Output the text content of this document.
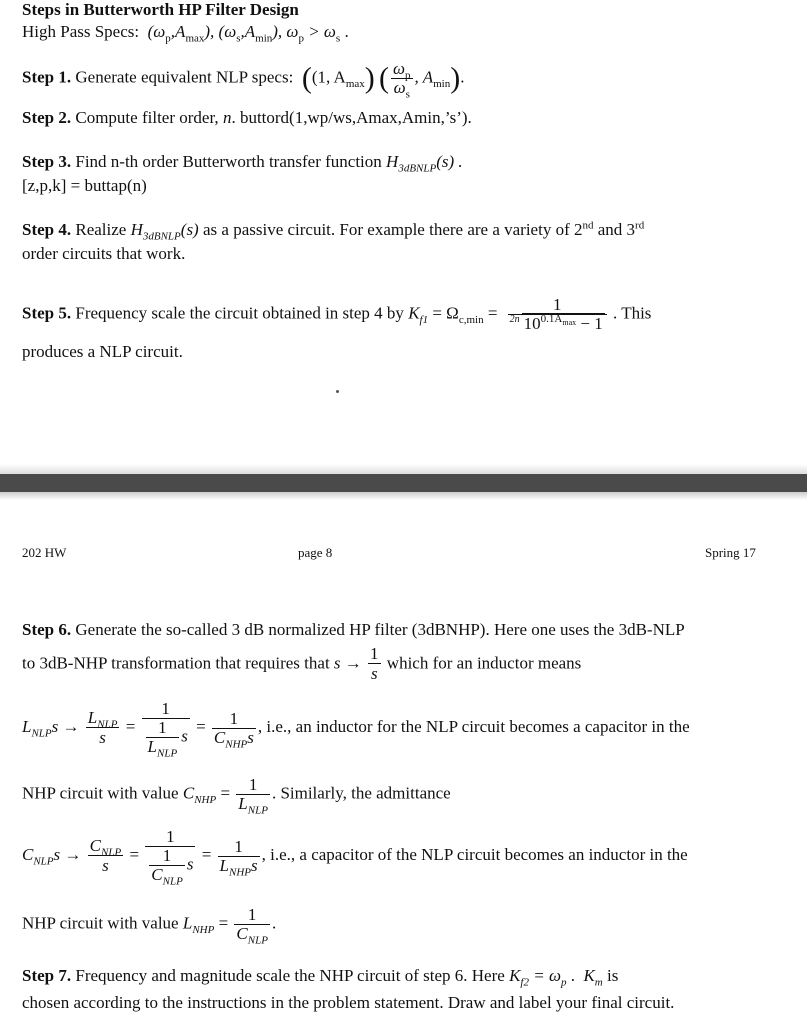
Steps in Butterworth HP Filter Design
High Pass Specs: $(\omega_p,A_{max})$, $(\omega_s,A_{min})$, $\omega_p > \omega_s$ .
Step 1. Generate equivalent NLP specs: ((1, $A_{max}$) ( $\frac{\omega_p}{\omega_s}$ , $A_{min}$).
Step 2. Compute filter order, n. buttord(1,wp/ws,Amax,Amin,’s’).
Step 3. Find n-th order Butterworth transfer function $H_{3dBNLP}(s)$ .
[z,p,k] = buttap(n)
Step 4. Realize $H_{3dBNLP}(s)$ as a passive circuit. For example there are a variety of 2nd and 3rd
order circuits that work.
Step 5. Frequency scale the circuit obtained in step 4 by $K_{f1} = \Omega_{c,min} = \frac{1}{2n 10^{0.1A_{max}} - 1}$ . This
produces a NLP circuit.
202 HW	page 8	Spring 17
Step 6. Generate the so-called 3 dB normalized HP filter (3dBNHP). Here one uses the 3dB-NLP
to 3dB-NHP transformation that requires that $s \to \frac{1}{s}$ which for an inductor means
$L_{NLP}s \to \frac{L_{NLP}}{s} = \frac{1}{\frac{1}{L_{NLP}} s} = \frac{1}{C_{NHP}s}$ , i.e., an inductor for the NLP circuit becomes a capacitor in the
NHP circuit with value $C_{NHP} = \frac{1}{L_{NLP}}$ . Similarly, the admittance
$C_{NLP}s \to \frac{C_{NLP}}{s} = \frac{1}{\frac{1}{C_{NLP}} s} = \frac{1}{L_{NHP}s}$ , i.e., a capacitor of the NLP circuit becomes an inductor in the
NHP circuit with value $L_{NHP} = \frac{1}{C_{NLP}}$ .
Step 7. Frequency and magnitude scale the NHP circuit of step 6. Here $K_{f2} = \omega_p$ . $K_m$ is
chosen according to the instructions in the problem statement. Draw and label your final circuit.
